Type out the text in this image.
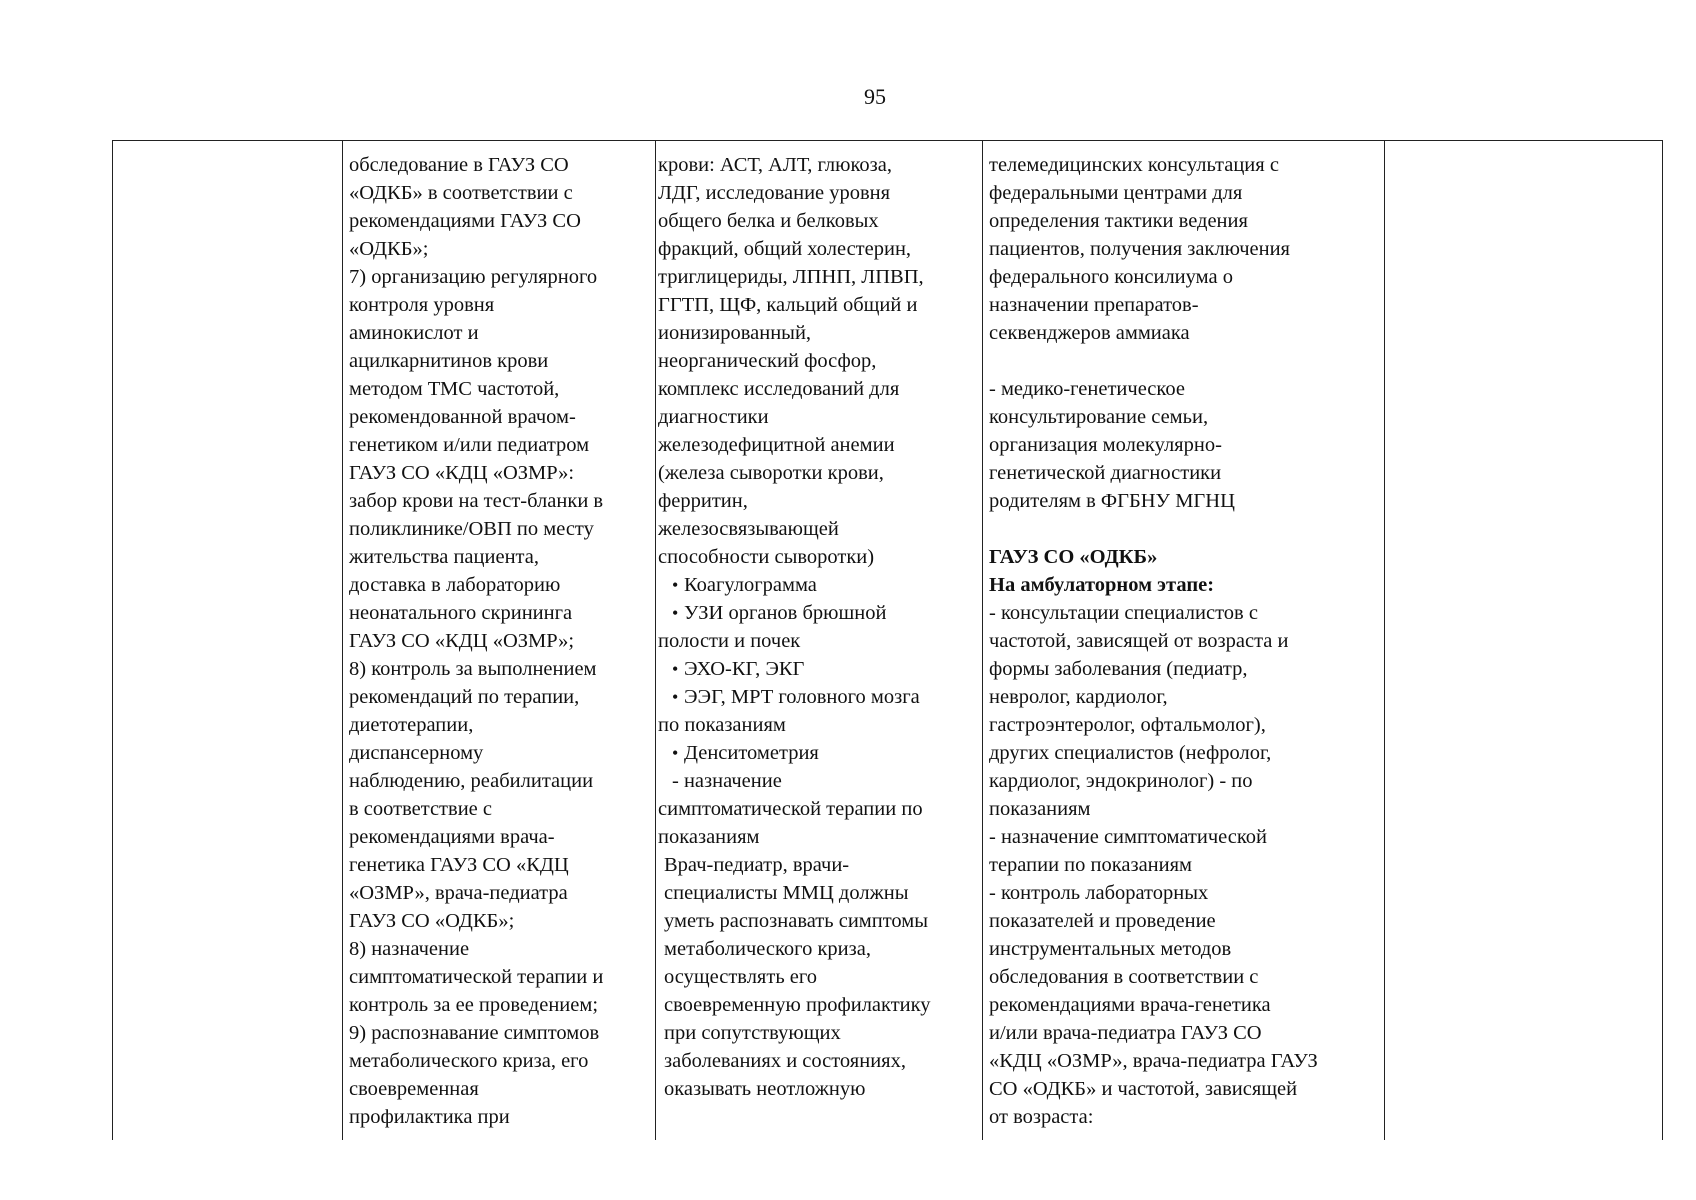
95
обследование в ГАУЗ СО
«ОДКБ» в соответствии с
рекомендациями ГАУЗ СО
«ОДКБ»;
7) организацию регулярного
контроля уровня
аминокислот и
ацилкарнитинов крови
методом ТМС частотой,
рекомендованной врачом-
генетиком и/или педиатром
ГАУЗ СО «КДЦ «ОЗМР»:
забор крови на тест-бланки в
поликлинике/ОВП по месту
жительства пациента,
доставка в лабораторию
неонатального скрининга
ГАУЗ СО «КДЦ «ОЗМР»;
8) контроль за выполнением
рекомендаций по терапии,
диетотерапии,
диспансерному
наблюдению, реабилитации
в соответствие с
рекомендациями врача-
генетика ГАУЗ СО «КДЦ
«ОЗМР», врача-педиатра
ГАУЗ СО «ОДКБ»;
8) назначение
симптоматической терапии и
контроль за ее проведением;
9) распознавание симптомов
метаболического криза, его
своевременная
профилактика при
крови: АСТ, АЛТ, глюкоза,
ЛДГ, исследование уровня
общего белка и белковых
фракций, общий холестерин,
триглицериды, ЛПНП, ЛПВП,
ГГТП, ЩФ, кальций общий и
ионизированный,
неорганический фосфор,
комплекс исследований для
диагностики
железодефицитной анемии
(железа сыворотки крови,
ферритин,
железосвязывающей
способности сыворотки)
• Коагулограмма
• УЗИ органов брюшной
полости и почек
• ЭХО-КГ, ЭКГ
• ЭЭГ, МРТ головного мозга
по показаниям
• Денситометрия
- назначение
симптоматической терапии по
показаниям
Врач-педиатр, врачи-
специалисты ММЦ должны
уметь распознавать симптомы
метаболического криза,
осуществлять его
своевременную профилактику
при сопутствующих
заболеваниях и состояниях,
оказывать неотложную
телемедицинских консультация с
федеральными центрами для
определения тактики ведения
пациентов, получения заключения
федерального консилиума о
назначении препаратов-
секвенджеров аммиака
- медико-генетическое
консультирование семьи,
организация молекулярно-
генетической диагностики
родителям в ФГБНУ МГНЦ
ГАУЗ СО «ОДКБ»
На амбулаторном этапе:
- консультации специалистов с
частотой, зависящей от возраста и
формы заболевания (педиатр,
невролог, кардиолог,
гастроэнтеролог, офтальмолог),
других специалистов (нефролог,
кардиолог, эндокринолог) - по
показаниям
- назначение симптоматической
терапии по показаниям
- контроль лабораторных
показателей и проведение
инструментальных методов
обследования в соответствии с
рекомендациями врача-генетика
и/или врача-педиатра ГАУЗ СО
«КДЦ «ОЗМР», врача-педиатра ГАУЗ
СО «ОДКБ» и частотой, зависящей
от возраста:
